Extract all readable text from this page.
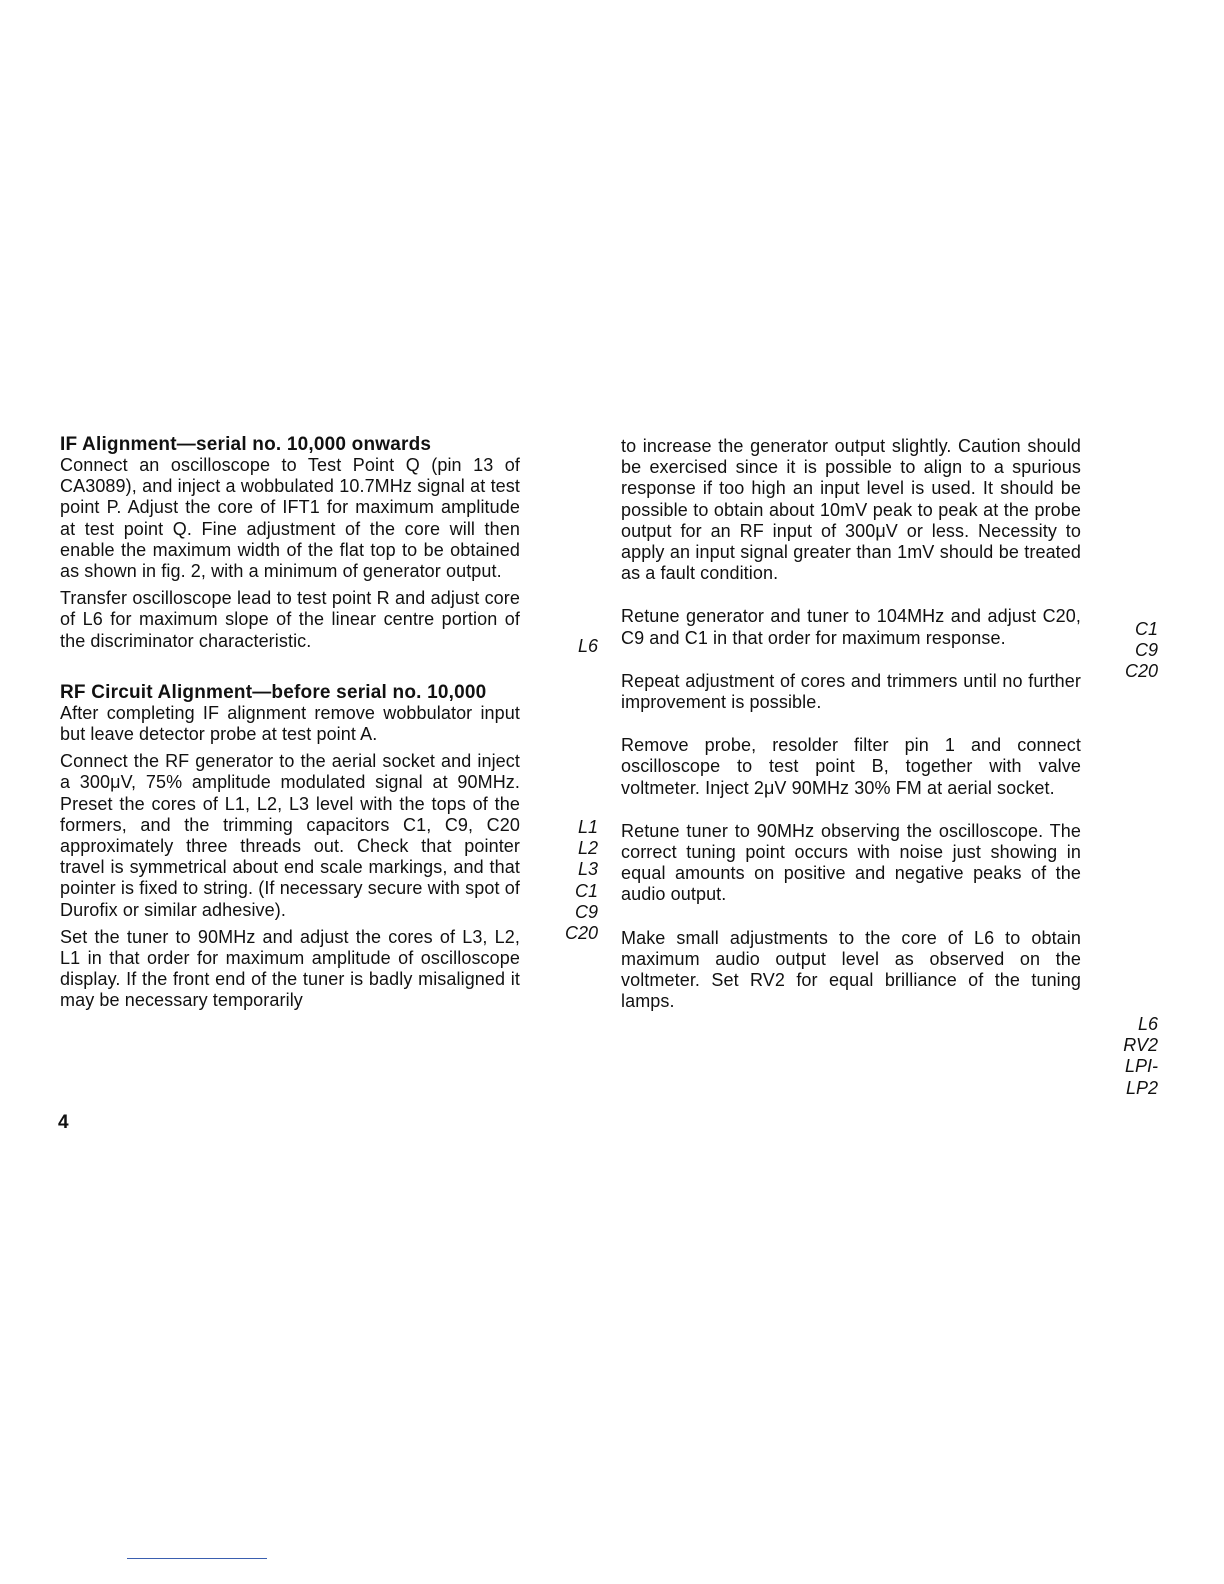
IF Alignment—serial no. 10,000 onwards

Connect an oscilloscope to Test Point Q (pin 13 of CA3089), and inject a wobbulated 10.7MHz signal at test point P. Adjust the core of IFT1 for maximum amplitude at test point Q. Fine adjustment of the core will then enable the maximum width of the flat top to be obtained as shown in fig. 2, with a minimum of generator output.

Transfer oscilloscope lead to test point R and adjust core of L6 for maximum slope of the linear centre portion of the discriminator characteristic.

RF Circuit Alignment—before serial no. 10,000

After completing IF alignment remove wobbulator input but leave detector probe at test point A.

Connect the RF generator to the aerial socket and inject a 300μV, 75% amplitude modulated signal at 90MHz. Preset the cores of L1, L2, L3 level with the tops of the formers, and the trimming capacitors C1, C9, C20 approximately three threads out. Check that pointer travel is symmetrical about end scale markings, and that pointer is fixed to string. (If necessary secure with spot of Durofix or similar adhesive).

Set the tuner to 90MHz and adjust the cores of L3, L2, L1 in that order for maximum amplitude of oscilloscope display. If the front end of the tuner is badly misaligned it may be necessary temporarily

L6
L1
L2
L3
C1
C9
C20

to increase the generator output slightly. Caution should be exercised since it is possible to align to a spurious response if too high an input level is used. It should be possible to obtain about 10mV peak to peak at the probe output for an RF input of 300μV or less. Necessity to apply an input signal greater than 1mV should be treated as a fault condition.

Retune generator and tuner to 104MHz and adjust C20, C9 and C1 in that order for maximum response.

Repeat adjustment of cores and trimmers until no further improvement is possible.

Remove probe, resolder filter pin 1 and connect oscilloscope to test point B, together with valve voltmeter. Inject 2μV 90MHz 30% FM at aerial socket.

Retune tuner to 90MHz observing the oscilloscope. The correct tuning point occurs with noise just showing in equal amounts on positive and negative peaks of the audio output.

Make small adjustments to the core of L6 to obtain maximum audio output level as observed on the voltmeter. Set RV2 for equal brilliance of the tuning lamps.

C1
C9
C20
L6
RV2
LPI-
LP2
4
